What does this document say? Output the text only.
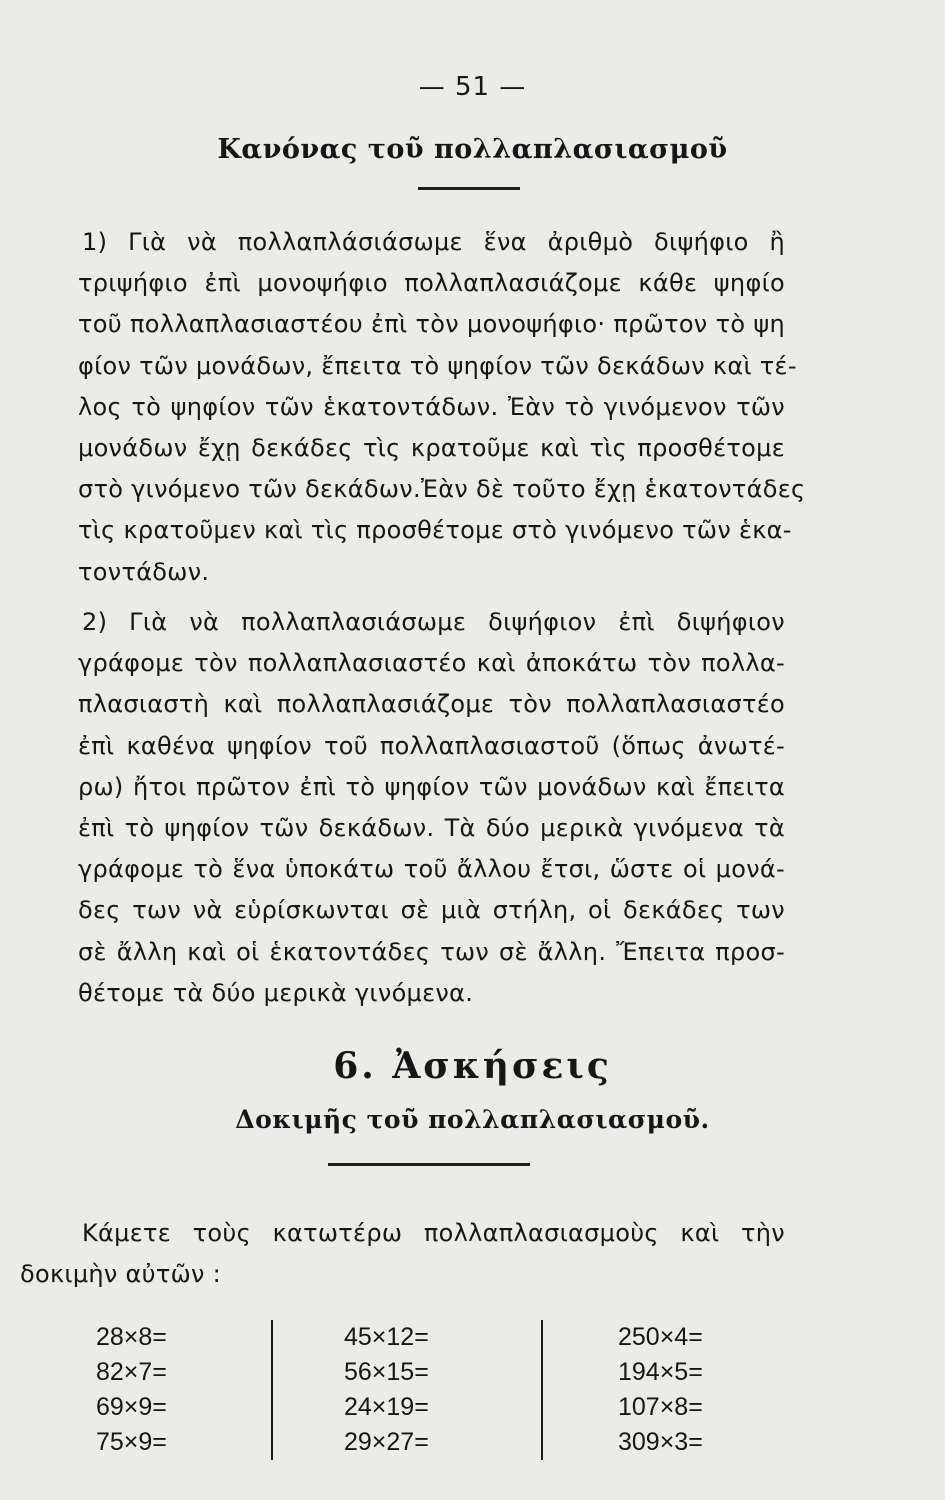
— 51 —
Κανόνας τοῦ πολλαπλασιασμοῦ
1) Γιὰ νὰ πολλαπλάσιάσωμε ἕνα ἀριθμὸ διψήφιο ἢ
τριψήφιο ἐπὶ μονοψήφιο πολλαπλασιάζομε κάθε ψηφίο
τοῦ πολλαπλασιαστέου ἐπὶ τὸν μονοψήφιο· πρῶτον τὸ ψη
φίον τῶν μονάδων, ἔπειτα τὸ ψηφίον τῶν δεκάδων καὶ τέ-
λος τὸ ψηφίον τῶν ἑκατοντάδων. Ἐὰν τὸ γινόμενον τῶν
μονάδων ἔχῃ δεκάδες τὶς κρατοῦμε καὶ τὶς προσθέτομε
στὸ γινόμενο τῶν δεκάδων.Ἐὰν δὲ τοῦτο ἔχῃ ἑκατοντάδες
τὶς κρατοῦμεν καὶ τὶς προσθέτομε στὸ γινόμενο τῶν ἑκα-
τοντάδων.
2) Γιὰ νὰ πολλαπλασιάσωμε διψήφιον ἐπὶ διψήφιον
γράφομε τὸν πολλαπλασιαστέο καὶ ἀποκάτω τὸν πολλα-
πλασιαστὴ καὶ πολλαπλασιάζομε τὸν πολλαπλασιαστέο
ἐπὶ καθένα ψηφίον τοῦ πολλαπλασιαστοῦ (ὅπως ἀνωτέ-
ρω) ἤτοι πρῶτον ἐπὶ τὸ ψηφίον τῶν μονάδων καὶ ἔπειτα
ἐπὶ τὸ ψηφίον τῶν δεκάδων. Τὰ δύο μερικὰ γινόμενα τὰ
γράφομε τὸ ἕνα ὑποκάτω τοῦ ἄλλου ἔτσι, ὥστε οἱ μονά-
δες των νὰ εὑρίσκωνται σὲ μιὰ στήλη, οἱ δεκάδες των
σὲ ἄλλη καὶ οἱ ἑκατοντάδες των σὲ ἄλλη. Ἔπειτα προσ-
θέτομε τὰ δύο μερικὰ γινόμενα.
6. Ἀσκήσεις
Δοκιμῆς τοῦ πολλαπλασιασμοῦ.
Κάμετε τοὺς κατωτέρω πολλαπλασιασμοὺς καὶ τὴν
δοκιμὴν αὐτῶν :
28×8=
82×7=
69×9=
75×9=
45×12=
56×15=
24×19=
29×27=
250×4=
194×5=
107×8=
309×3=
